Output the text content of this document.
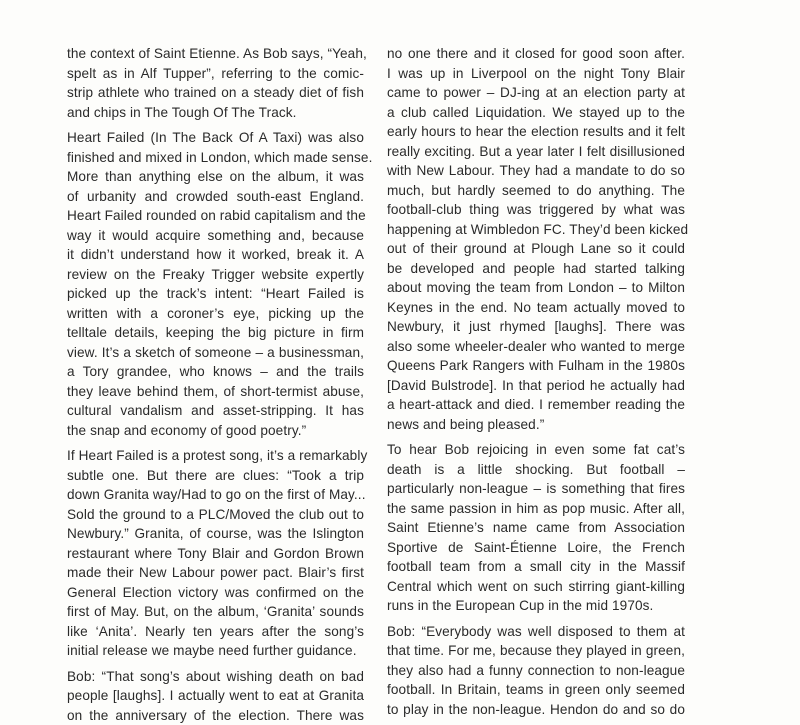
the context of Saint Etienne. As Bob says, “Yeah,
spelt as in Alf Tupper”, referring to the comic-
strip athlete who trained on a steady diet of fish
and chips in The Tough Of The Track.
Heart Failed (In The Back Of A Taxi) was also
finished and mixed in London, which made sense.
More than anything else on the album, it was
of urbanity and crowded south-east England.
Heart Failed rounded on rabid capitalism and the
way it would acquire something and, because
it didn’t understand how it worked, break it. A
review on the Freaky Trigger website expertly
picked up the track’s intent: “Heart Failed is
written with a coroner’s eye, picking up the
telltale details, keeping the big picture in firm
view. It’s a sketch of someone – a businessman,
a Tory grandee, who knows – and the trails
they leave behind them, of short-termist abuse,
cultural vandalism and asset-stripping. It has
the snap and economy of good poetry.”
If Heart Failed is a protest song, it’s a remarkably
subtle one. But there are clues: “Took a trip
down Granita way/Had to go on the first of May...
Sold the ground to a PLC/Moved the club out to
Newbury.” Granita, of course, was the Islington
restaurant where Tony Blair and Gordon Brown
made their New Labour power pact. Blair’s first
General Election victory was confirmed on the
first of May. But, on the album, ‘Granita’ sounds
like ‘Anita’. Nearly ten years after the song’s
initial release we maybe need further guidance.
Bob: “That song’s about wishing death on bad
people [laughs]. I actually went to eat at Granita
on the anniversary of the election. There was
no one there and it closed for good soon after.
I was up in Liverpool on the night Tony Blair
came to power – DJ-ing at an election party at
a club called Liquidation. We stayed up to the
early hours to hear the election results and it felt
really exciting. But a year later I felt disillusioned
with New Labour. They had a mandate to do so
much, but hardly seemed to do anything. The
football-club thing was triggered by what was
happening at Wimbledon FC. They’d been kicked
out of their ground at Plough Lane so it could
be developed and people had started talking
about moving the team from London – to Milton
Keynes in the end. No team actually moved to
Newbury, it just rhymed [laughs]. There was
also some wheeler-dealer who wanted to merge
Queens Park Rangers with Fulham in the 1980s
[David Bulstrode]. In that period he actually had
a heart-attack and died. I remember reading the
news and being pleased.”
To hear Bob rejoicing in even some fat cat’s
death is a little shocking. But football –
particularly non-league – is something that fires
the same passion in him as pop music. After all,
Saint Etienne’s name came from Association
Sportive de Saint-Étienne Loire, the French
football team from a small city in the Massif
Central which went on such stirring giant-killing
runs in the European Cup in the mid 1970s.
Bob: “Everybody was well disposed to them at
that time. For me, because they played in green,
they also had a funny connection to non-league
football. In Britain, teams in green only seemed
to play in the non-league. Hendon do and so do
